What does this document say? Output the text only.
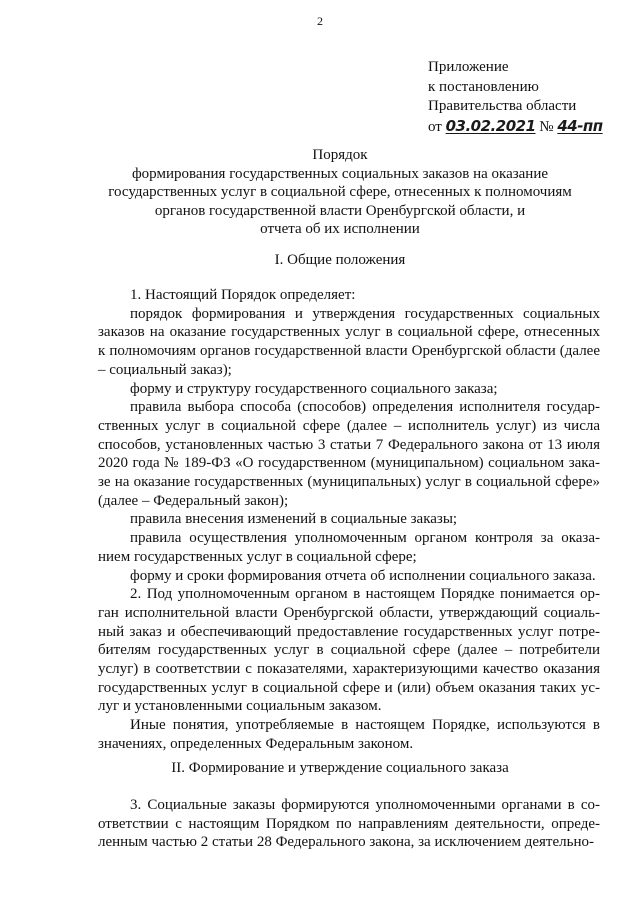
2
Приложение
к постановлению
Правительства области
от 03.02.2021 № 44-пп
Порядок
формирования государственных социальных заказов на оказание
государственных услуг в социальной сфере, отнесенных к полномочиям
органов государственной власти Оренбургской области, и
отчета об их исполнении
I. Общие положения

1. Настоящий Порядок определяет:

порядок формирования и утверждения государственных социальных заказов на оказание государственных услуг в социальной сфере, отнесенных к полномочиям органов государственной власти Оренбургской области (далее – социальный заказ);

форму и структуру государственного социального заказа;

правила выбора способа (способов) определения исполнителя государственных услуг в социальной сфере (далее – исполнитель услуг) из числа способов, установленных частью 3 статьи 7 Федерального закона от 13 июля 2020 года № 189-ФЗ «О государственном (муниципальном) социальном заказе на оказание государственных (муниципальных) услуг в социальной сфере» (далее – Федеральный закон);

правила внесения изменений в социальные заказы;

правила осуществления уполномоченным органом контроля за оказанием государственных услуг в социальной сфере;

форму и сроки формирования отчета об исполнении социального заказа.

2. Под уполномоченным органом в настоящем Порядке понимается орган исполнительной власти Оренбургской области, утверждающий социальный заказ и обеспечивающий предоставление государственных услуг потребителям государственных услуг в социальной сфере (далее – потребители услуг) в соответствии с показателями, характеризующими качество оказания государственных услуг в социальной сфере и (или) объем оказания таких услуг и установленными социальным заказом.

Иные понятия, употребляемые в настоящем Порядке, используются в значениях, определенных Федеральным законом.

II. Формирование и утверждение социального заказа

3. Социальные заказы формируются уполномоченными органами в соответствии с настоящим Порядком по направлениям деятельности, определенным частью 2 статьи 28 Федерального закона, за исключением деятельно-
